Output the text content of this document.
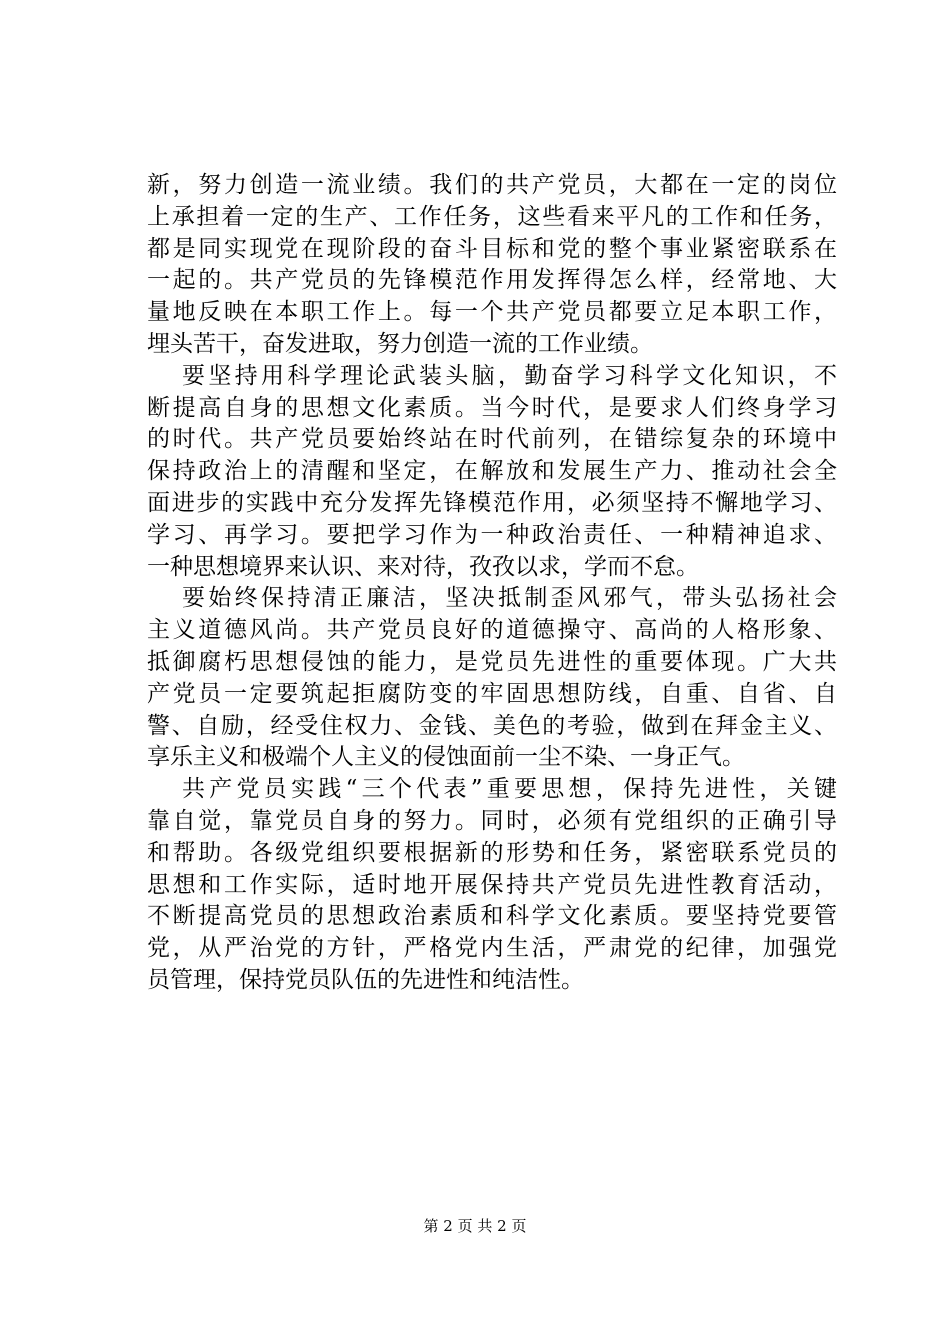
新，努力创造一流业绩。我们的共产党员，大都在一定的岗位
上承担着一定的生产、工作任务，这些看来平凡的工作和任务，
都是同实现党在现阶段的奋斗目标和党的整个事业紧密联系在
一起的。共产党员的先锋模范作用发挥得怎么样，经常地、大
量地反映在本职工作上。每一个共产党员都要立足本职工作，
埋头苦干，奋发进取，努力创造一流的工作业绩。
要坚持用科学理论武装头脑，勤奋学习科学文化知识，不
断提高自身的思想文化素质。当今时代，是要求人们终身学习
的时代。共产党员要始终站在时代前列，在错综复杂的环境中
保持政治上的清醒和坚定，在解放和发展生产力、推动社会全
面进步的实践中充分发挥先锋模范作用，必须坚持不懈地学习、
学习、再学习。要把学习作为一种政治责任、一种精神追求、
一种思想境界来认识、来对待，孜孜以求，学而不怠。
要始终保持清正廉洁，坚决抵制歪风邪气，带头弘扬社会
主义道德风尚。共产党员良好的道德操守、高尚的人格形象、
抵御腐朽思想侵蚀的能力，是党员先进性的重要体现。广大共
产党员一定要筑起拒腐防变的牢固思想防线，自重、自省、自
警、自励，经受住权力、金钱、美色的考验，做到在拜金主义、
享乐主义和极端个人主义的侵蚀面前一尘不染、一身正气。
共产党员实践“三个代表”重要思想，保持先进性，关键
靠自觉，靠党员自身的努力。同时，必须有党组织的正确引导
和帮助。各级党组织要根据新的形势和任务，紧密联系党员的
思想和工作实际，适时地开展保持共产党员先进性教育活动，
不断提高党员的思想政治素质和科学文化素质。要坚持党要管
党，从严治党的方针，严格党内生活，严肃党的纪律，加强党
员管理，保持党员队伍的先进性和纯洁性。
第 2 页 共 2 页
